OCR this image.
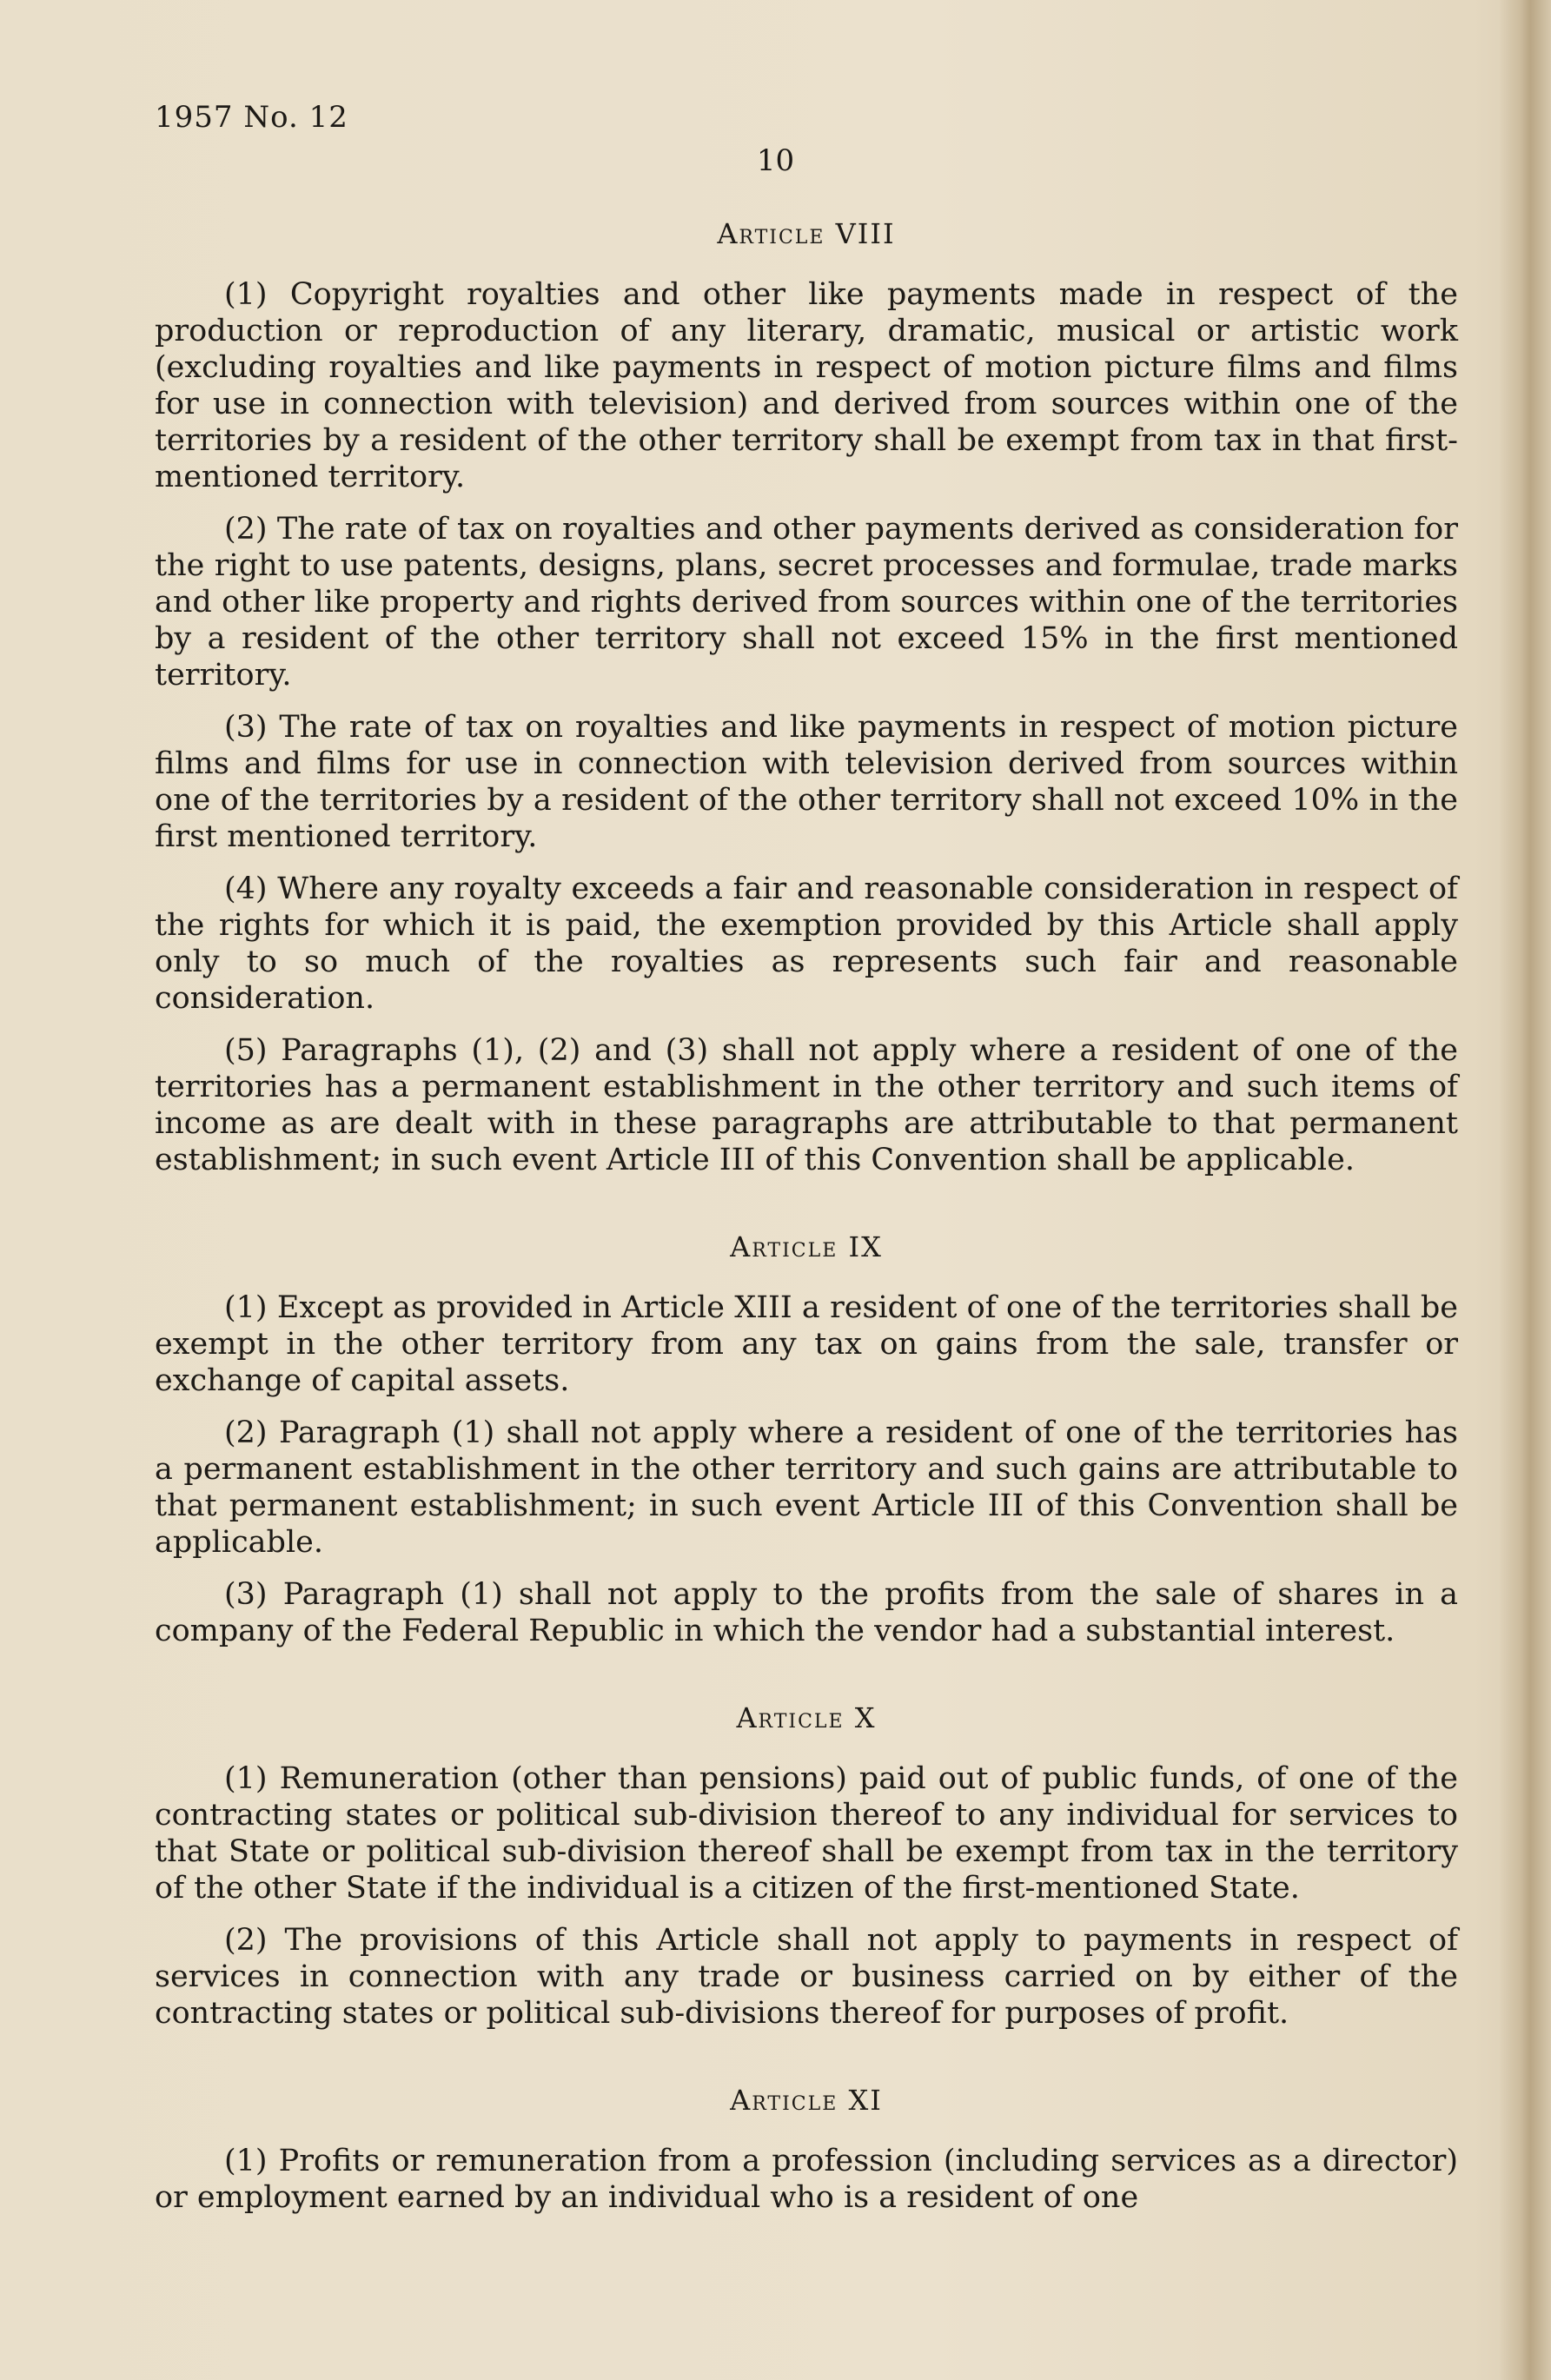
1957 No. 12
10
Article VIII

(1) Copyright royalties and other like payments made in respect of the production or reproduction of any literary, dramatic, musical or artistic work (excluding royalties and like payments in respect of motion picture films and films for use in connection with television) and derived from sources within one of the territories by a resident of the other territory shall be exempt from tax in that first-mentioned territory.

(2) The rate of tax on royalties and other payments derived as consideration for the right to use patents, designs, plans, secret processes and formulae, trade marks and other like property and rights derived from sources within one of the territories by a resident of the other territory shall not exceed 15% in the first mentioned territory.

(3) The rate of tax on royalties and like payments in respect of motion picture films and films for use in connection with television derived from sources within one of the territories by a resident of the other territory shall not exceed 10% in the first mentioned territory.

(4) Where any royalty exceeds a fair and reasonable consideration in respect of the rights for which it is paid, the exemption provided by this Article shall apply only to so much of the royalties as represents such fair and reasonable consideration.

(5) Paragraphs (1), (2) and (3) shall not apply where a resident of one of the territories has a permanent establishment in the other territory and such items of income as are dealt with in these paragraphs are attributable to that permanent establishment; in such event Article III of this Convention shall be applicable.

Article IX

(1) Except as provided in Article XIII a resident of one of the territories shall be exempt in the other territory from any tax on gains from the sale, transfer or exchange of capital assets.

(2) Paragraph (1) shall not apply where a resident of one of the territories has a permanent establishment in the other territory and such gains are attributable to that permanent establishment; in such event Article III of this Convention shall be applicable.

(3) Paragraph (1) shall not apply to the profits from the sale of shares in a company of the Federal Republic in which the vendor had a substantial interest.

Article X

(1) Remuneration (other than pensions) paid out of public funds, of one of the contracting states or political sub-division thereof to any individual for services to that State or political sub-division thereof shall be exempt from tax in the territory of the other State if the individual is a citizen of the first-mentioned State.

(2) The provisions of this Article shall not apply to payments in respect of services in connection with any trade or business carried on by either of the contracting states or political sub-divisions thereof for purposes of profit.

Article XI

(1) Profits or remuneration from a profession (including services as a director) or employment earned by an individual who is a resident of one
